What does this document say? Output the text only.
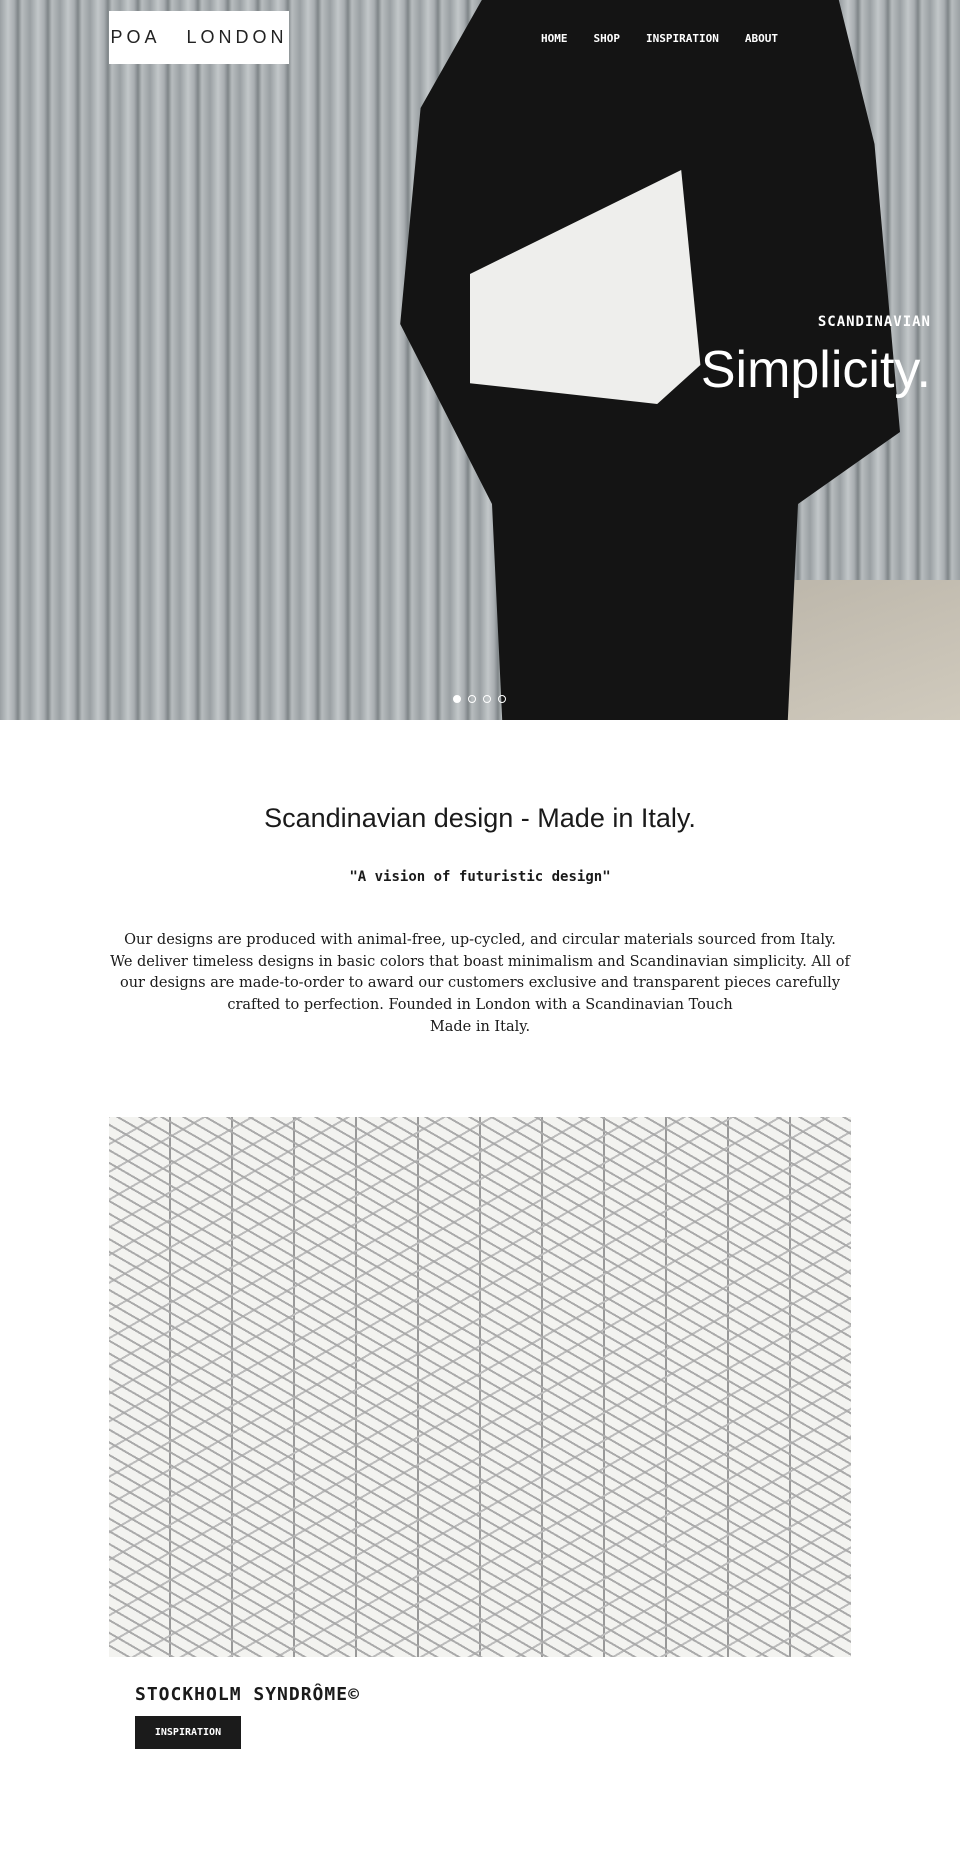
SCANDINAVIAN
Simplicity.
POA   LONDON	HOME SHOP INSPIRATION ABOUT
Scandinavian design - Made in Italy.
"A vision of futuristic design"
Our designs are produced with animal-free, up-cycled, and circular materials sourced from Italy.
We deliver timeless designs in basic colors that boast minimalism and Scandinavian simplicity. All of our designs are made-to-order to award our customers exclusive and transparent pieces carefully crafted to perfection. Founded in London with a Scandinavian Touch
Made in Italy.
STOCKHOLM SYNDRÔME©
INSPIRATION
